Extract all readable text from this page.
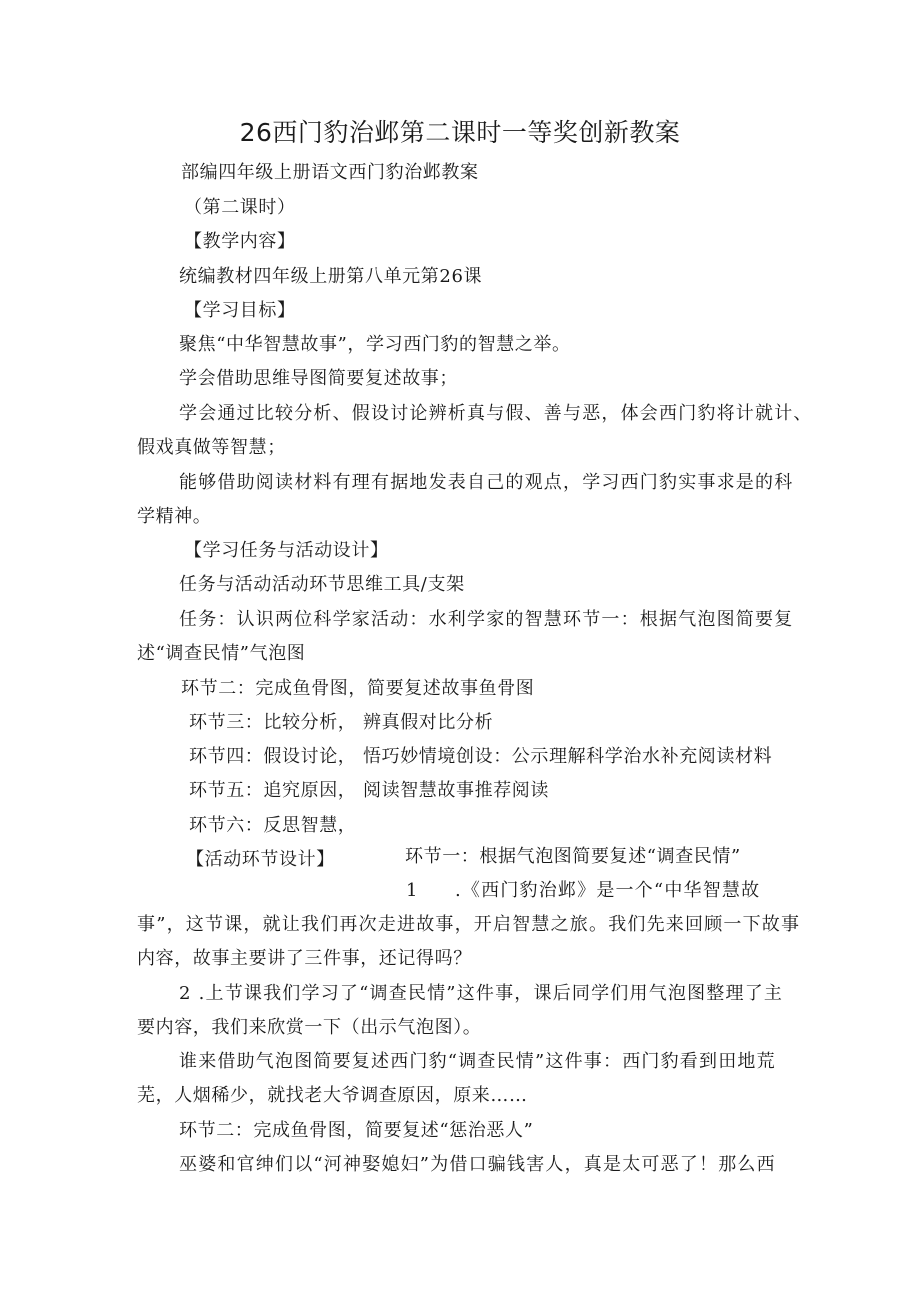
26西门豹治邺第二课时一等奖创新教案
部编四年级上册语文西门豹治邺教案
（第二课时）
【教学内容】
统编教材四年级上册第八单元第26课
【学习目标】
聚焦“中华智慧故事”，学习西门豹的智慧之举。
学会借助思维导图简要复述故事；
学会通过比较分析、假设讨论辨析真与假、善与恶，体会西门豹将计就计、
假戏真做等智慧；
能够借助阅读材料有理有据地发表自己的观点，学习西门豹实事求是的科
学精神。
【学习任务与活动设计】
任务与活动活动环节思维工具/支架
任务：认识两位科学家活动：水利学家的智慧环节一：根据气泡图简要复
述“调查民情”气泡图
环节二：完成鱼骨图，简要复述故事鱼骨图
环节三：比较分析， 辨真假对比分析
环节四：假设讨论， 悟巧妙情境创设：公示理解科学治水补充阅读材料
环节五：追究原因， 阅读智慧故事推荐阅读
环节六：反思智慧，
【活动环节设计】	环节一：根据气泡图简要复述“调查民情”
1 .《西门豹治邺》是一个“中华智慧故
事”，这节课，就让我们再次走进故事，开启智慧之旅。我们先来回顾一下故事
内容，故事主要讲了三件事，还记得吗？
2 .上节课我们学习了“调查民情”这件事，课后同学们用气泡图整理了主
要内容，我们来欣赏一下（出示气泡图）。
谁来借助气泡图简要复述西门豹“调查民情”这件事：西门豹看到田地荒
芜，人烟稀少，就找老大爷调查原因，原来……
环节二：完成鱼骨图，简要复述“惩治恶人”
巫婆和官绅们以“河神娶媳妇”为借口骗钱害人，真是太可恶了！那么西
